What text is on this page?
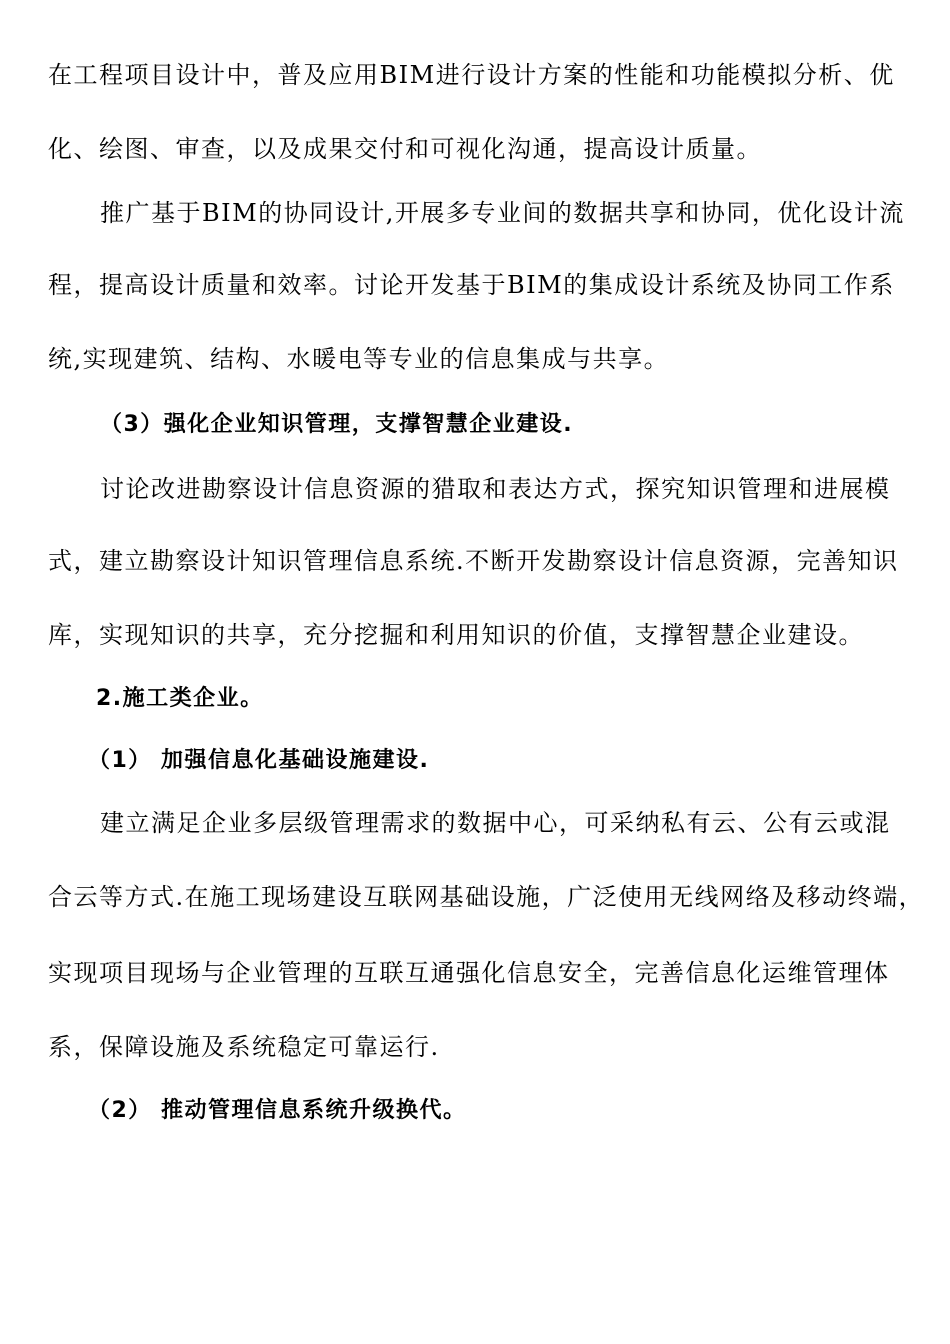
在工程项目设计中，普及应用BIM进行设计方案的性能和功能模拟分析、优
化、绘图、审查，以及成果交付和可视化沟通，提高设计质量。
推广基于BIM的协同设计,开展多专业间的数据共享和协同，优化设计流
程，提高设计质量和效率。讨论开发基于BIM的集成设计系统及协同工作系
统,实现建筑、结构、水暖电等专业的信息集成与共享。
（3）强化企业知识管理，支撑智慧企业建设.
讨论改进勘察设计信息资源的猎取和表达方式，探究知识管理和进展模
式，建立勘察设计知识管理信息系统.不断开发勘察设计信息资源，完善知识
库，实现知识的共享，充分挖掘和利用知识的价值，支撑智慧企业建设。
2.施工类企业。
（1） 加强信息化基础设施建设.
建立满足企业多层级管理需求的数据中心，可采纳私有云、公有云或混
合云等方式.在施工现场建设互联网基础设施，广泛使用无线网络及移动终端，
实现项目现场与企业管理的互联互通强化信息安全，完善信息化运维管理体
系，保障设施及系统稳定可靠运行.
（2） 推动管理信息系统升级换代。
